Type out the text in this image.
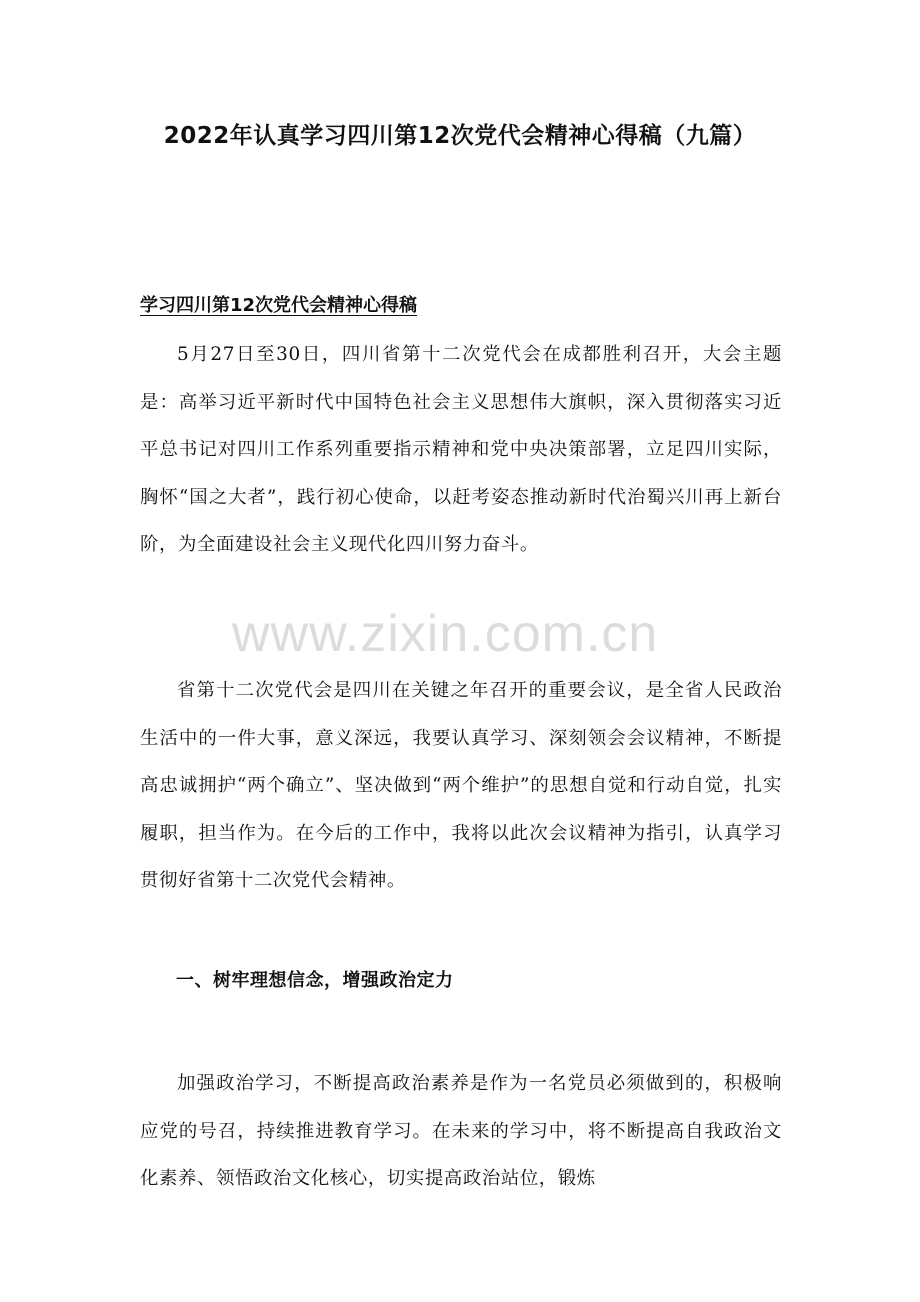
2022年认真学习四川第12次党代会精神心得稿（九篇）
学习四川第12次党代会精神心得稿

5月27日至30日，四川省第十二次党代会在成都胜利召开，大会主题是：高举习近平新时代中国特色社会主义思想伟大旗帜，深入贯彻落实习近平总书记对四川工作系列重要指示精神和党中央决策部署，立足四川实际，胸怀“国之大者”，践行初心使命，以赶考姿态推动新时代治蜀兴川再上新台阶，为全面建设社会主义现代化四川努力奋斗。

www.zixin.com.cn

省第十二次党代会是四川在关键之年召开的重要会议，是全省人民政治生活中的一件大事，意义深远，我要认真学习、深刻领会会议精神，不断提高忠诚拥护“两个确立”、坚决做到“两个维护”的思想自觉和行动自觉，扎实履职，担当作为。在今后的工作中，我将以此次会议精神为指引，认真学习贯彻好省第十二次党代会精神。

一、树牢理想信念，增强政治定力

加强政治学习，不断提高政治素养是作为一名党员必须做到的，积极响应党的号召，持续推进教育学习。在未来的学习中，将不断提高自我政治文化素养、领悟政治文化核心，切实提高政治站位，锻炼
